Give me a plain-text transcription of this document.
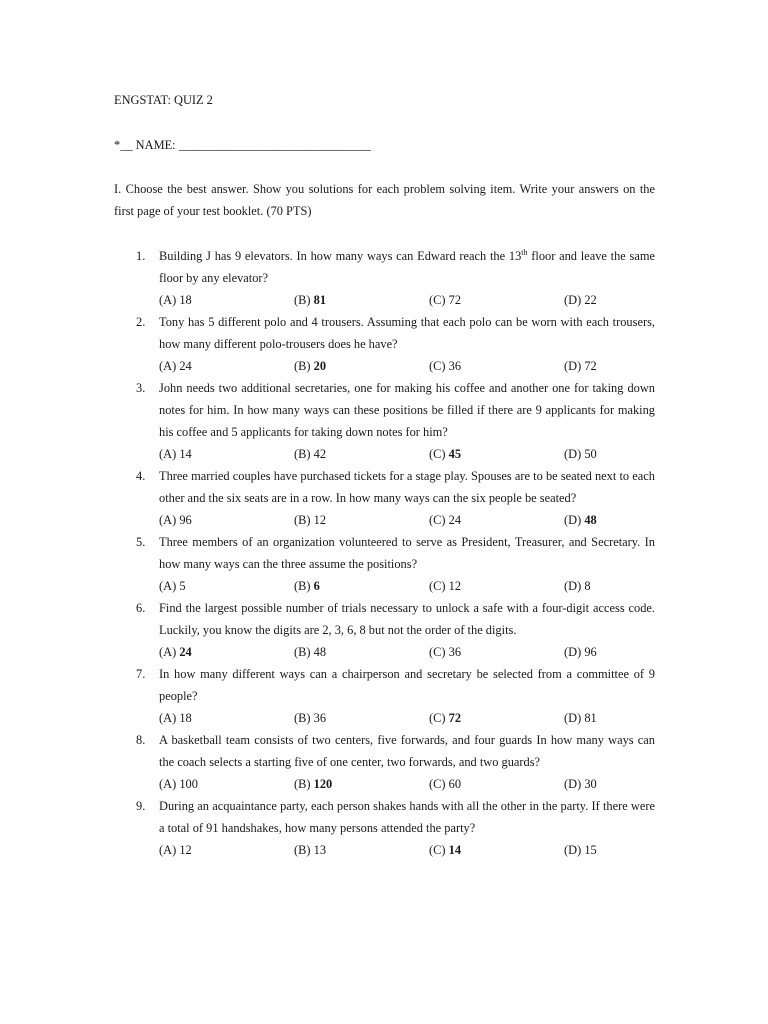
ENGSTAT: QUIZ 2
*__ NAME: _______________________________
I. Choose the best answer. Show you solutions for each problem solving item. Write your answers on the first page of your test booklet. (70 PTS)
1. Building J has 9 elevators. In how many ways can Edward reach the 13th floor and leave the same floor by any elevator?
(A) 18	(B) 81	(C) 72	(D) 22
2. Tony has 5 different polo and 4 trousers. Assuming that each polo can be worn with each trousers, how many different polo-trousers does he have?
(A) 24	(B) 20	(C) 36	(D) 72
3. John needs two additional secretaries, one for making his coffee and another one for taking down notes for him. In how many ways can these positions be filled if there are 9 applicants for making his coffee and 5 applicants for taking down notes for him?
(A) 14	(B) 42	(C) 45	(D) 50
4. Three married couples have purchased tickets for a stage play. Spouses are to be seated next to each other and the six seats are in a row. In how many ways can the six people be seated?
(A) 96	(B) 12	(C) 24	(D) 48
5. Three members of an organization volunteered to serve as President, Treasurer, and Secretary. In how many ways can the three assume the positions?
(A) 5	(B) 6	(C) 12	(D) 8
6. Find the largest possible number of trials necessary to unlock a safe with a four-digit access code. Luckily, you know the digits are 2, 3, 6, 8 but not the order of the digits.
(A) 24	(B) 48	(C) 36	(D) 96
7. In how many different ways can a chairperson and secretary be selected from a committee of 9 people?
(A) 18	(B) 36	(C) 72	(D) 81
8. A basketball team consists of two centers, five forwards, and four guards In how many ways can the coach selects a starting five of one center, two forwards, and two guards?
(A) 100	(B) 120	(C) 60	(D) 30
9. During an acquaintance party, each person shakes hands with all the other in the party. If there were a total of 91 handshakes, how many persons attended the party?
(A) 12	(B) 13	(C) 14	(D) 15
